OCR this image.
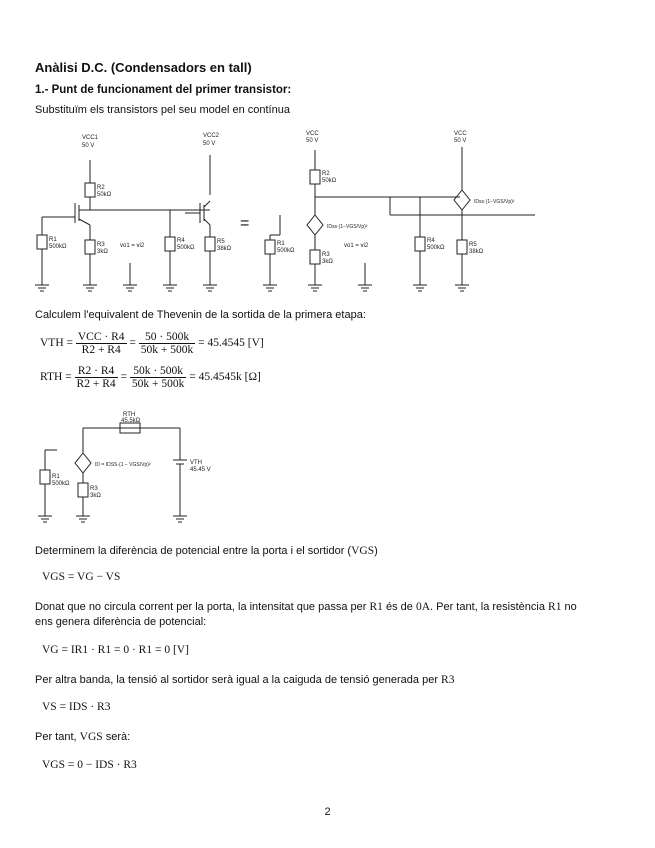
Anàlisi D.C. (Condensadors en tall)
1.- Punt de funcionament del primer transistor:
Substituïm els transistors pel seu model en contínua
VCC1
50 V
VCC2
50 V
R2
50kΩ
R1
500kΩ	R3
3kΩ
R4
500kΩ
R5
38kΩ
vo1 = vi2
VCC
50 V
VCC
50 V
R2
50kΩ
R1
500kΩ
R3
3kΩ
R4
500kΩ	R5
38kΩ
vo1 = vi2
IDss·(1−VGS/Vp)²
IDss·(1−VGS/Vp)²
=
Calculem l'equivalent de Thevenin de la sortida de la primera etapa:
VTH = $\frac{\text{VCC · R4}}{R2 + R4} = \frac{50 \cdot 500k}{50k + 500k} = 45.4545$ [V]
RTH = $\frac{R2 \cdot R4}{R2 + R4} = \frac{50k \cdot 500k}{50k + 500k} = 45.4545k$ [Ω]
RTH
45.5kΩ
VTH
45.45 V
R1
500kΩ
R3
3kΩ
ID = IDSS·(1 − VGS/Vp)²
Determinem la diferència de potencial entre la porta i el sortidor (VGS)
VGS = VG − VS
Donat que no circula corrent per la porta, la intensitat que passa per R1 és de 0A. Per tant, la resistència R1 no
ens genera diferència de potencial:
VG = IR1 · R1 = 0 · R1 = 0 [V]
Per altra banda, la tensió al sortidor serà igual a la caiguda de tensió generada per R3
VS = IDS · R3
Per tant, VGS serà:
VGS = 0 − IDS · R3
2
